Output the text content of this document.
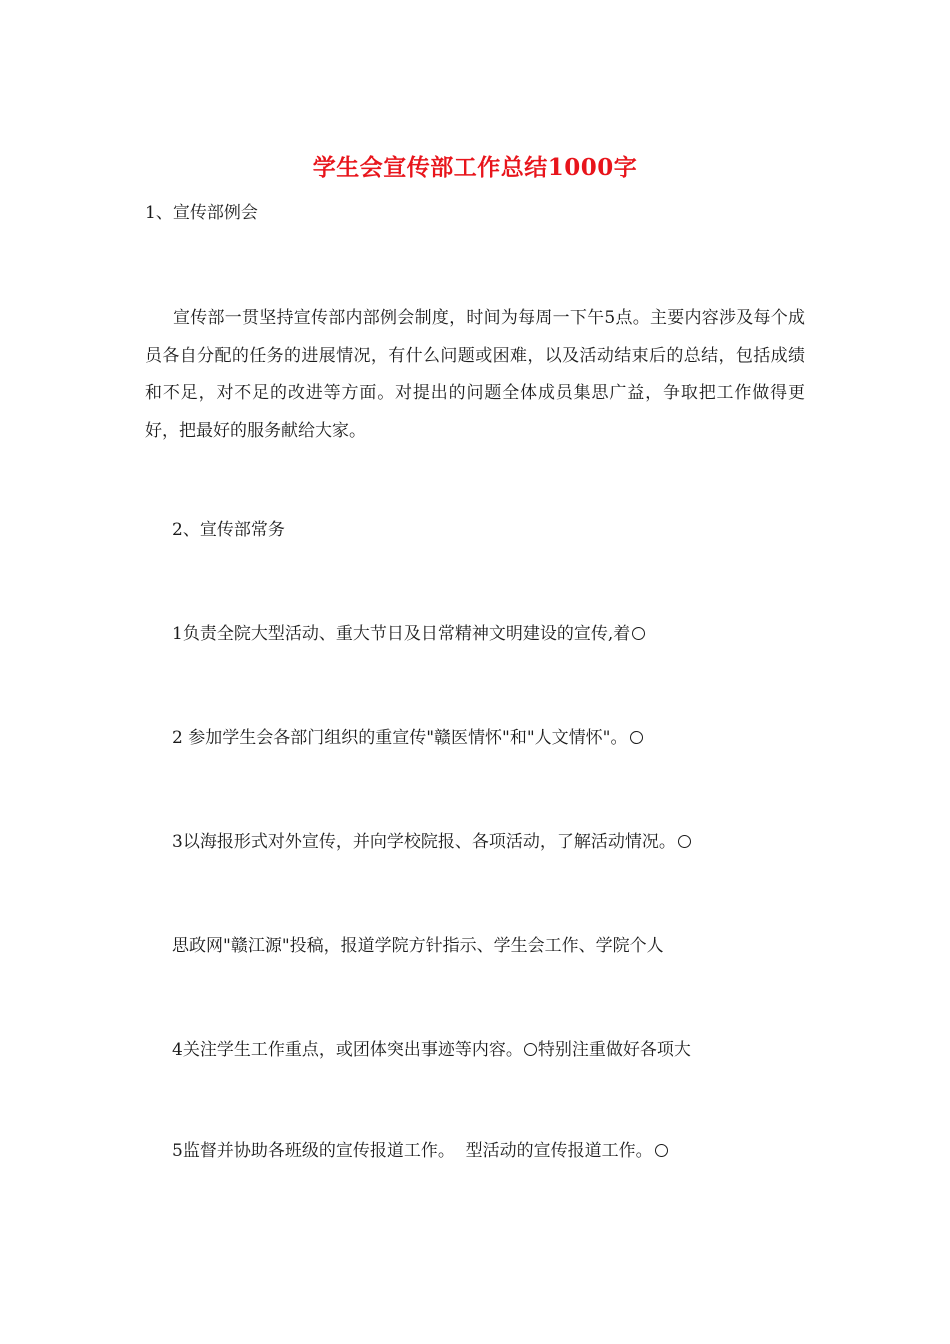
学生会宣传部工作总结1000字
1、宣传部例会
宣传部一贯坚持宣传部内部例会制度，时间为每周一下午5点。主要内容涉及每个成员各自分配的任务的进展情况，有什么问题或困难，以及活动结束后的总结，包括成绩和不足，对不足的改进等方面。对提出的问题全体成员集思广益，争取把工作做得更好，把最好的服务献给大家。
2、宣传部常务
1负责全院大型活动、重大节日及日常精神文明建设的宣传,着
2 参加学生会各部门组织的重宣传"赣医情怀"和"人文情怀"。
3以海报形式对外宣传，并向学校院报、各项活动，了解活动情况。
思政网"赣江源"投稿，报道学院方针指示、学生会工作、学院个人
4关注学生工作重点，或团体突出事迹等内容。 特别注重做好各项大
5监督并协助各班级的宣传报道工作。  型活动的宣传报道工作。
